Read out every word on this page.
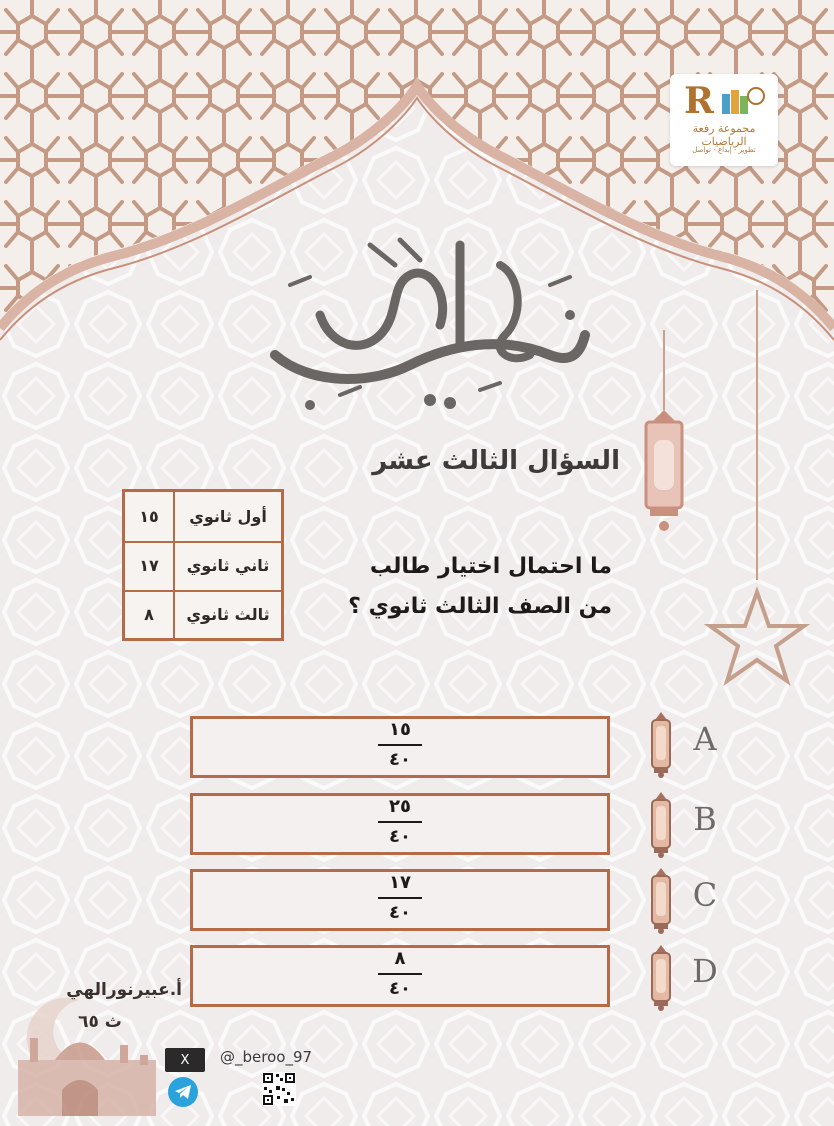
R
مجموعة رفعة الرياضيات
تطوير - إبداع - تواصل
رمضان كريم
السؤال الثالث عشر
أول ثانوي
١٥
ثاني ثانوي
١٧
ثالث ثانوي
٨
ما احتمال اختيار طالب
من الصف الثالث ثانوي ؟
١٥
٤٠
٢٥
٤٠
١٧
٤٠
٨
٤٠
A
B
C
D
أ.عبيرنورالهي
ث ٦٥
X @_beroo_97
